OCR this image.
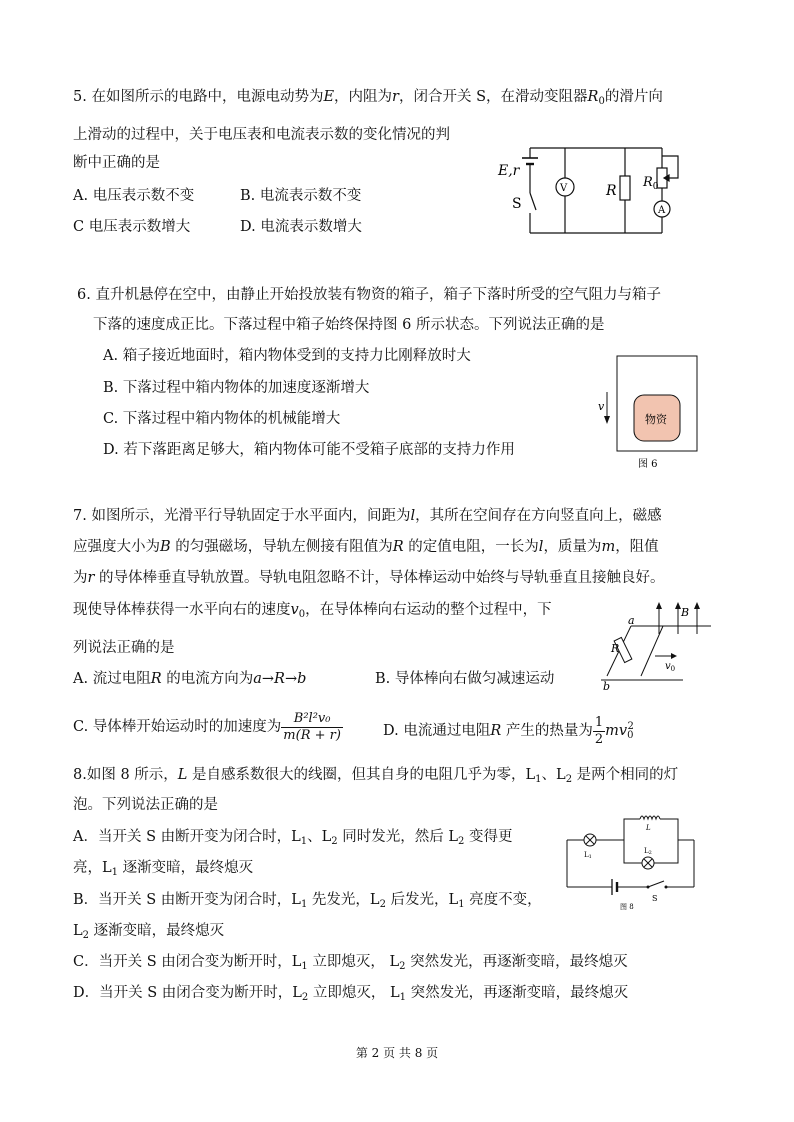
5. 在如图所示的电路中，电源电动势为E，内阻为r，闭合开关 S，在滑动变阻器$R_0$的滑片向
上滑动的过程中，关于电压表和电流表示数的变化情况的判
断中正确的是
A. 电压表示数不变	B. 电流表示数不变
C 电压表示数增大	D. 电流表示数增大
E,r
S
V	R
$R_0$
A
6. 直升机悬停在空中，由静止开始投放装有物资的箱子，箱子下落时所受的空气阻力与箱子
下落的速度成正比。下落过程中箱子始终保持图 6 所示状态。下列说法正确的是
A. 箱子接近地面时，箱内物体受到的支持力比刚释放时大
B. 下落过程中箱内物体的加速度逐渐增大
C. 下落过程中箱内物体的机械能增大
D. 若下落距离足够大，箱内物体可能不受箱子底部的支持力作用
v
物资
图 6
7. 如图所示，光滑平行导轨固定于水平面内，间距为l，其所在空间存在方向竖直向上，磁感
应强度大小为B 的匀强磁场，导轨左侧接有阻值为R 的定值电阻，一长为l，质量为m，阻值
为r 的导体棒垂直导轨放置。导轨电阻忽略不计，导体棒运动中始终与导轨垂直且接触良好。
现使导体棒获得一水平向右的速度$v_0$，在导体棒向右运动的整个过程中，下
列说法正确的是
A. 流过电阻R 的电流方向为a→R→b	B. 导体棒向右做匀减速运动
C. 导体棒开始运动时的加速度为 $\frac{\text{B²l²v₀}}{m(R + r)}$	D. 电流通过电阻R 产生的热量为 $\frac{1}{2} mv_0^2$
a
b
B
R
$v_0$
8.如图 8 所示，L 是自感系数很大的线圈，但其自身的电阻几乎为零，$L_1$、$L_2$ 是两个相同的灯
泡。下列说法正确的是
A．当开关 S 由断开变为闭合时，$L_1$、$L_2$ 同时发光，然后 $L_2$ 变得更
亮，$L_1$ 逐渐变暗，最终熄灭
B．当开关 S 由断开变为闭合时，$L_1$ 先发光，$L_2$ 后发光，$L_1$ 亮度不变，
$L_2$ 逐渐变暗，最终熄灭
C．当开关 S 由闭合变为断开时，$L_1$ 立即熄灭， $L_2$ 突然发光，再逐渐变暗，最终熄灭
D．当开关 S 由闭合变为断开时，$L_2$ 立即熄灭， $L_1$ 突然发光，再逐渐变暗，最终熄灭
L
L1
L2
S
图 8
第 2 页 共 8 页
